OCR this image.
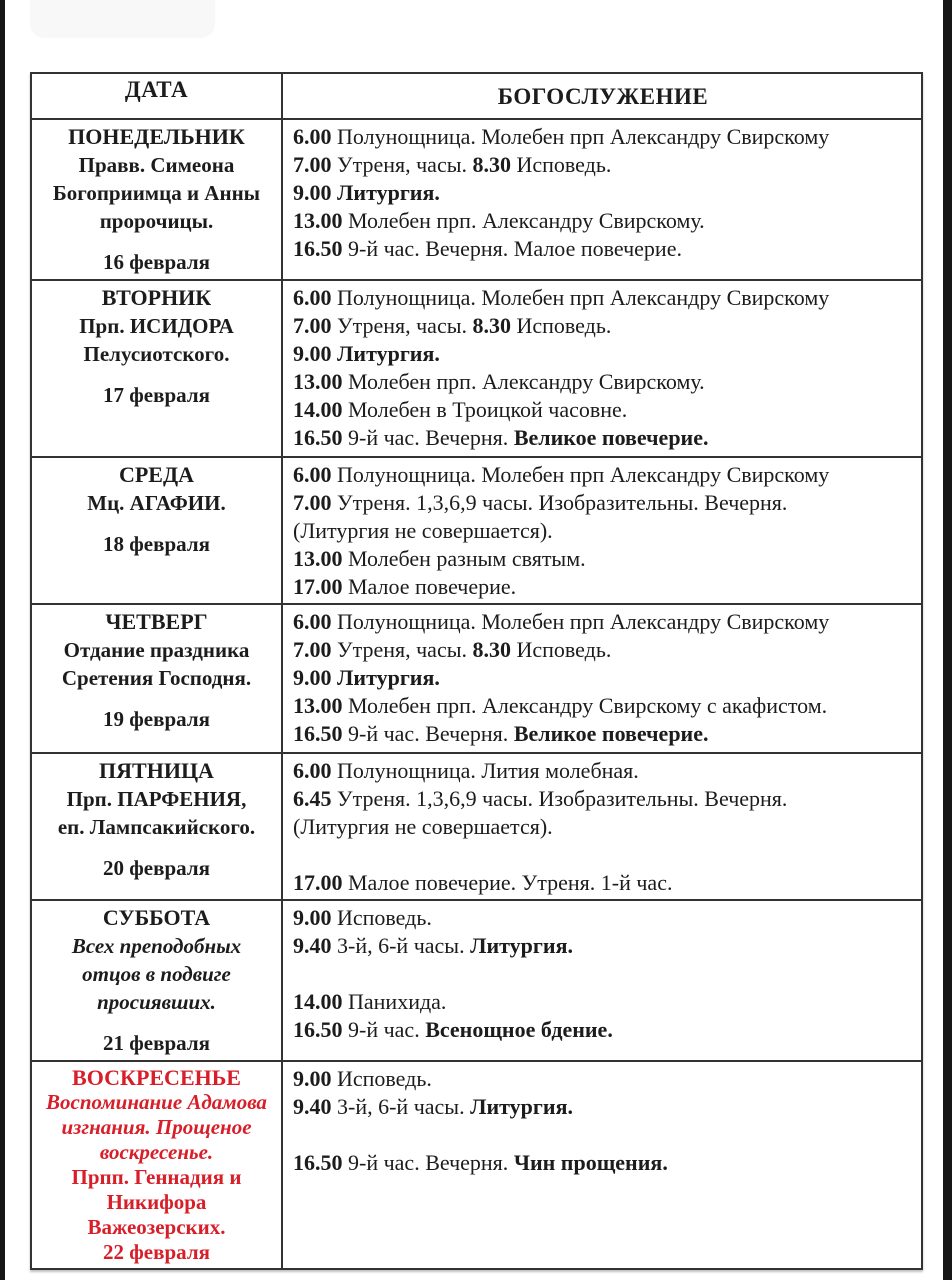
ДАТА	БОГОСЛУЖЕНИЕ
ПОНЕДЕЛЬНИК
Правв. Симеона
Богоприимца и Анны
пророчицы.

16 февраля
6.00 Полунощница. Молебен прп Александру Свирскому
7.00 Утреня, часы. 8.30 Исповедь.
9.00 Литургия.
13.00 Молебен прп. Александру Свирскому.
16.50 9-й час. Вечерня. Малое повечерие.
ВТОРНИК
Прп. ИСИДОРА
Пелусиотского.

17 февраля
6.00 Полунощница. Молебен прп Александру Свирскому
7.00 Утреня, часы. 8.30 Исповедь.
9.00 Литургия.
13.00 Молебен прп. Александру Свирскому.
14.00 Молебен в Троицкой часовне.
16.50 9-й час. Вечерня. Великое повечерие.
СРЕДА
Мц. АГАФИИ.

18 февраля
6.00 Полунощница. Молебен прп Александру Свирскому
7.00 Утреня. 1,3,6,9 часы. Изобразительны. Вечерня.
(Литургия не совершается).
13.00 Молебен разным святым.
17.00 Малое повечерие.
ЧЕТВЕРГ
Отдание праздника
Сретения Господня.

19 февраля
6.00 Полунощница. Молебен прп Александру Свирскому
7.00 Утреня, часы. 8.30 Исповедь.
9.00 Литургия.
13.00 Молебен прп. Александру Свирскому с акафистом.
16.50 9-й час. Вечерня. Великое повечерие.
ПЯТНИЦА
Прп. ПАРФЕНИЯ,
еп. Лампсакийского.

20 февраля
6.00 Полунощница. Лития молебная.
6.45 Утреня. 1,3,6,9 часы. Изобразительны. Вечерня.
(Литургия не совершается).

17.00 Малое повечерие. Утреня. 1-й час.
СУББОТА
Всех преподобных
отцов в подвиге
просиявших.

21 февраля
9.00 Исповедь.
9.40 3-й, 6-й часы. Литургия.

14.00 Панихида.
16.50 9-й час. Всенощное бдение.
ВОСКРЕСЕНЬЕ
Воспоминание Адамова
изгнания. Прощеное
воскресенье.
Прпп. Геннадия и
Никифора
Важеозерских.
22 февраля
9.00 Исповедь.
9.40 3-й, 6-й часы. Литургия.

16.50 9-й час. Вечерня. Чин прощения.
